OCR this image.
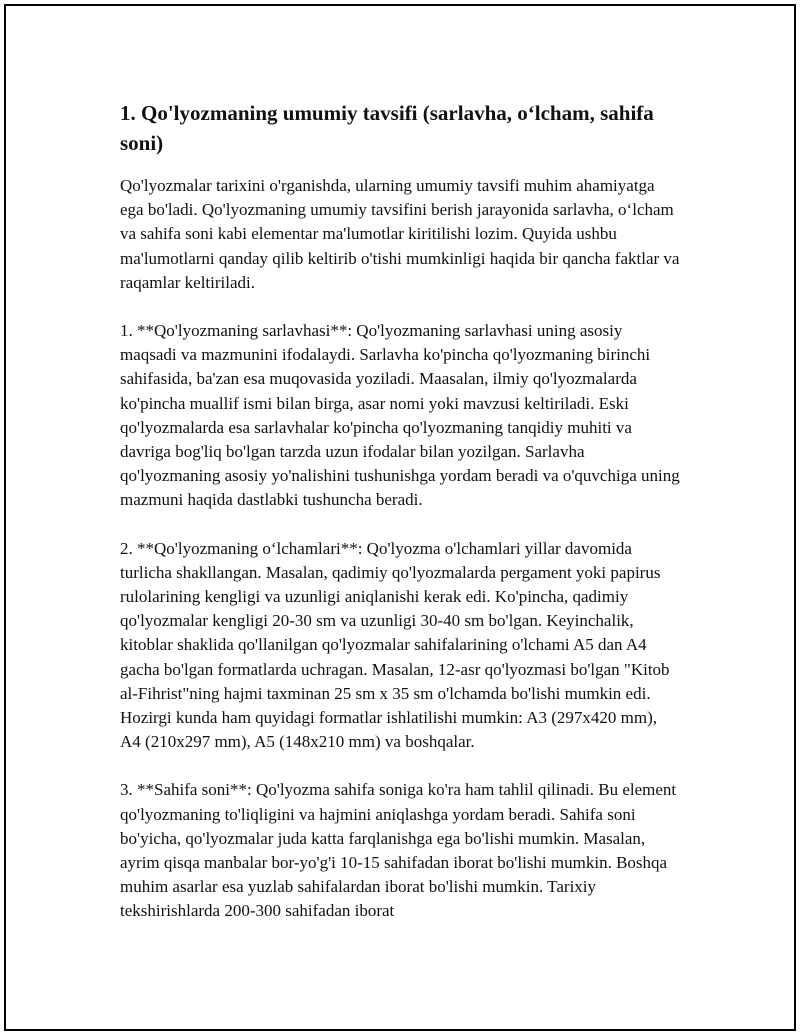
1. Qo'lyozmaning umumiy tavsifi (sarlavha, o‘lcham, sahifa soni)

Qo'lyozmalar tarixini o'rganishda, ularning umumiy tavsifi muhim ahamiyatga ega bo'ladi. Qo'lyozmaning umumiy tavsifini berish jarayonida sarlavha, o‘lcham va sahifa soni kabi elementar ma'lumotlar kiritilishi lozim. Quyida ushbu ma'lumotlarni qanday qilib keltirib o'tishi mumkinligi haqida bir qancha faktlar va raqamlar keltiriladi.

1. **Qo'lyozmaning sarlavhasi**: Qo'lyozmaning sarlavhasi uning asosiy maqsadi va mazmunini ifodalaydi. Sarlavha ko'pincha qo'lyozmaning birinchi sahifasida, ba'zan esa muqovasida yoziladi. Maasalan, ilmiy qo'lyozmalarda ko'pincha muallif ismi bilan birga, asar nomi yoki mavzusi keltiriladi. Eski qo'lyozmalarda esa sarlavhalar ko'pincha qo'lyozmaning tanqidiy muhiti va davriga bog'liq bo'lgan tarzda uzun ifodalar bilan yozilgan. Sarlavha qo'lyozmaning asosiy yo'nalishini tushunishga yordam beradi va o'quvchiga uning mazmuni haqida dastlabki tushuncha beradi.

2. **Qo'lyozmaning o‘lchamlari**: Qo'lyozma o'lchamlari yillar davomida turlicha shakllangan. Masalan, qadimiy qo'lyozmalarda pergament yoki papirus rulolarining kengligi va uzunligi aniqlanishi kerak edi. Ko'pincha, qadimiy qo'lyozmalar kengligi 20-30 sm va uzunligi 30-40 sm bo'lgan. Keyinchalik, kitoblar shaklida qo'llanilgan qo'lyozmalar sahifalarining o'lchami A5 dan A4 gacha bo'lgan formatlarda uchragan. Masalan, 12-asr qo'lyozmasi bo'lgan "Kitob al-Fihrist"ning hajmi taxminan 25 sm x 35 sm o'lchamda bo'lishi mumkin edi. Hozirgi kunda ham quyidagi formatlar ishlatilishi mumkin: A3 (297x420 mm), A4 (210x297 mm), A5 (148x210 mm) va boshqalar.

3. **Sahifa soni**: Qo'lyozma sahifa soniga ko'ra ham tahlil qilinadi. Bu element qo'lyozmaning to'liqligini va hajmini aniqlashga yordam beradi. Sahifa soni bo'yicha, qo'lyozmalar juda katta farqlanishga ega bo'lishi mumkin. Masalan, ayrim qisqa manbalar bor-yo'g'i 10-15 sahifadan iborat bo'lishi mumkin. Boshqa muhim asarlar esa yuzlab sahifalardan iborat bo'lishi mumkin. Tarixiy tekshirishlarda 200-300 sahifadan iborat
